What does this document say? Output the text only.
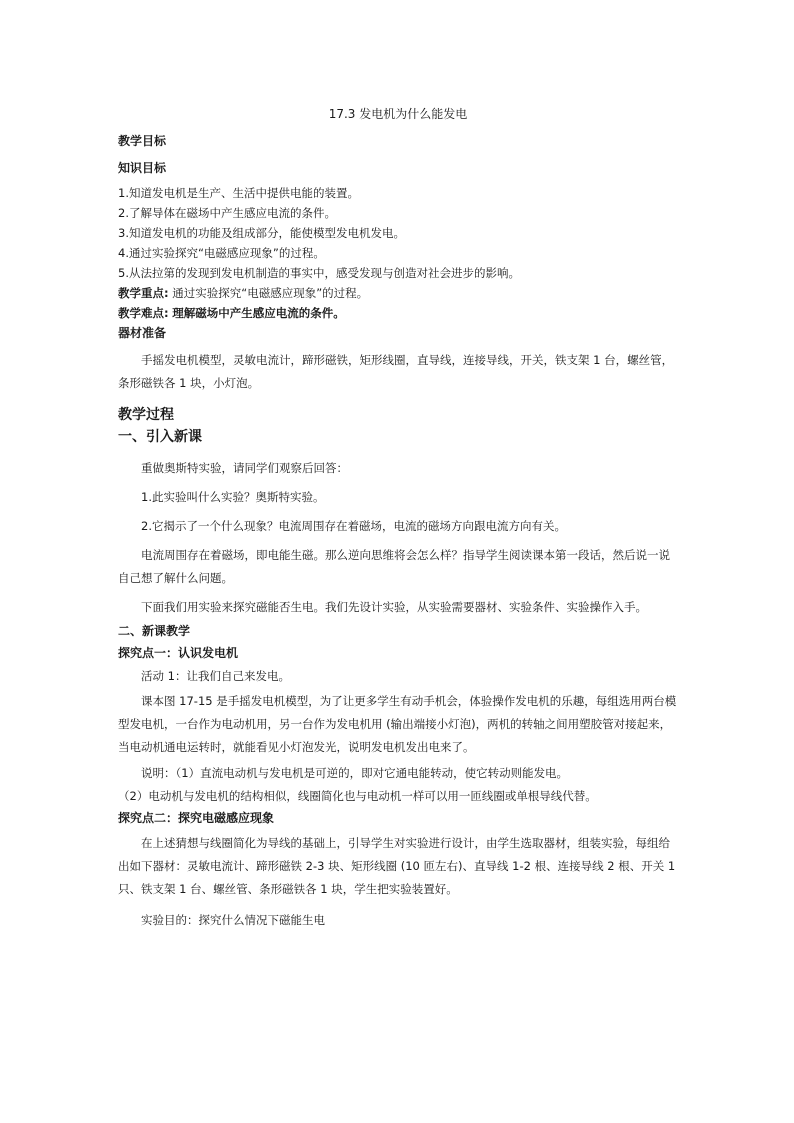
17.3 发电机为什么能发电

教学目标

知识目标

1.知道发电机是生产、生活中提供电能的装置。

2.了解导体在磁场中产生感应电流的条件。

3.知道发电机的功能及组成部分，能使模型发电机发电。

4.通过实验探究“电磁感应现象”的过程。

5.从法拉第的发现到发电机制造的事实中，感受发现与创造对社会进步的影响。

教学重点: 通过实验探究“电磁感应现象”的过程。

教学难点: 理解磁场中产生感应电流的条件。

器材准备

手摇发电机模型，灵敏电流计，蹄形磁铁，矩形线圈，直导线，连接导线，开关，铁支架 1 台，螺丝管，条形磁铁各 1 块，小灯泡。

教学过程

一、引入新课

重做奥斯特实验，请同学们观察后回答：

1.此实验叫什么实验？奥斯特实验。

2.它揭示了一个什么现象？电流周围存在着磁场，电流的磁场方向跟电流方向有关。

电流周围存在着磁场，即电能生磁。那么逆向思维将会怎么样？指导学生阅读课本第一段话，然后说一说自己想了解什么问题。

下面我们用实验来探究磁能否生电。我们先设计实验，从实验需要器材、实验条件、实验操作入手。

二、新课教学

探究点一：认识发电机

活动 1：让我们自己来发电。

课本图 17-15 是手摇发电机模型，为了让更多学生有动手机会，体验操作发电机的乐趣，每组选用两台模型发电机，一台作为电动机用，另一台作为发电机用 (输出端接小灯泡)，两机的转轴之间用塑胶管对接起来，当电动机通电运转时，就能看见小灯泡发光，说明发电机发出电来了。

说明：（1）直流电动机与发电机是可逆的，即对它通电能转动，使它转动则能发电。

（2）电动机与发电机的结构相似，线圈简化也与电动机一样可以用一匝线圈或单根导线代替。

探究点二：探究电磁感应现象

在上述猜想与线圈简化为导线的基础上，引导学生对实验进行设计，由学生选取器材，组装实验，每组给出如下器材：灵敏电流计、蹄形磁铁 2-3 块、矩形线圈 (10 匝左右)、直导线 1-2 根、连接导线 2 根、开关 1 只、铁支架 1 台、螺丝管、条形磁铁各 1 块，学生把实验装置好。

实验目的：探究什么情况下磁能生电
